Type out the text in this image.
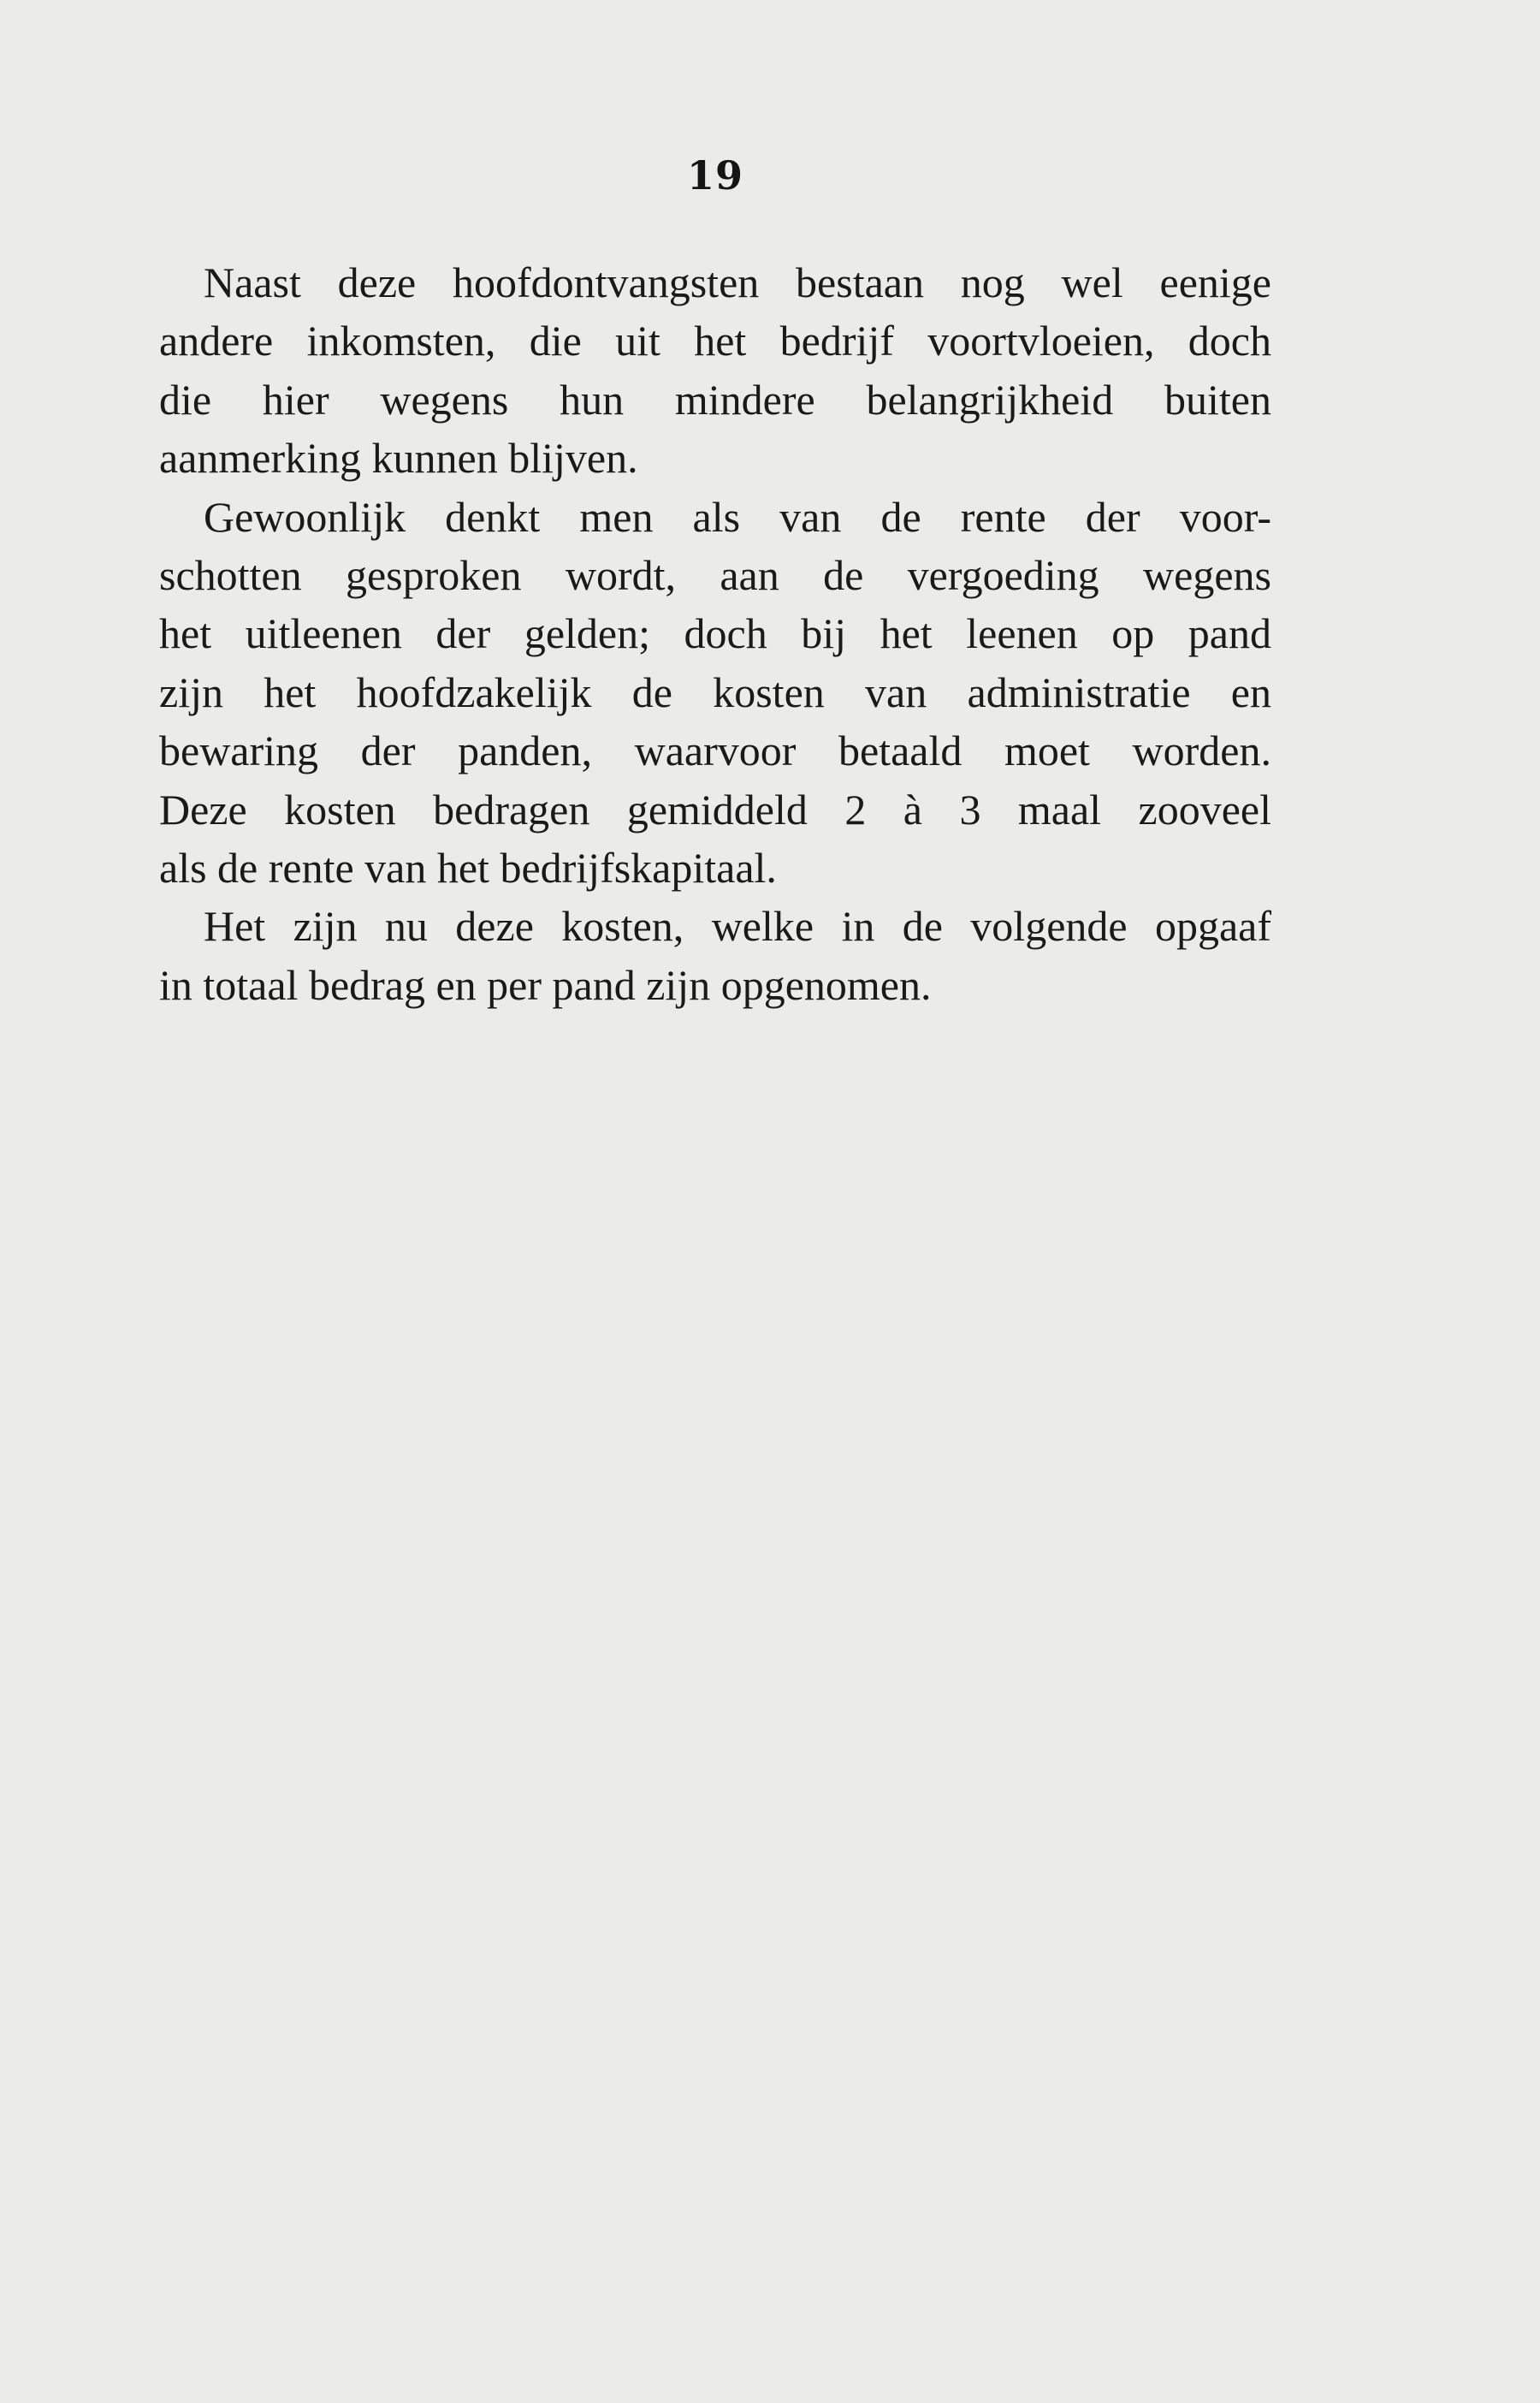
19
Naast deze hoofdontvangsten bestaan nog wel eenige
andere inkomsten, die uit het bedrijf voortvloeien, doch
die hier wegens hun mindere belangrijkheid buiten
aanmerking kunnen blijven.
Gewoonlijk denkt men als van de rente der voor-
schotten gesproken wordt, aan de vergoeding wegens
het uitleenen der gelden; doch bij het leenen op pand
zijn het hoofdzakelijk de kosten van administratie en
bewaring der panden, waarvoor betaald moet worden.
Deze kosten bedragen gemiddeld 2 à 3 maal zooveel
als de rente van het bedrijfskapitaal.
Het zijn nu deze kosten, welke in de volgende opgaaf
in totaal bedrag en per pand zijn opgenomen.
